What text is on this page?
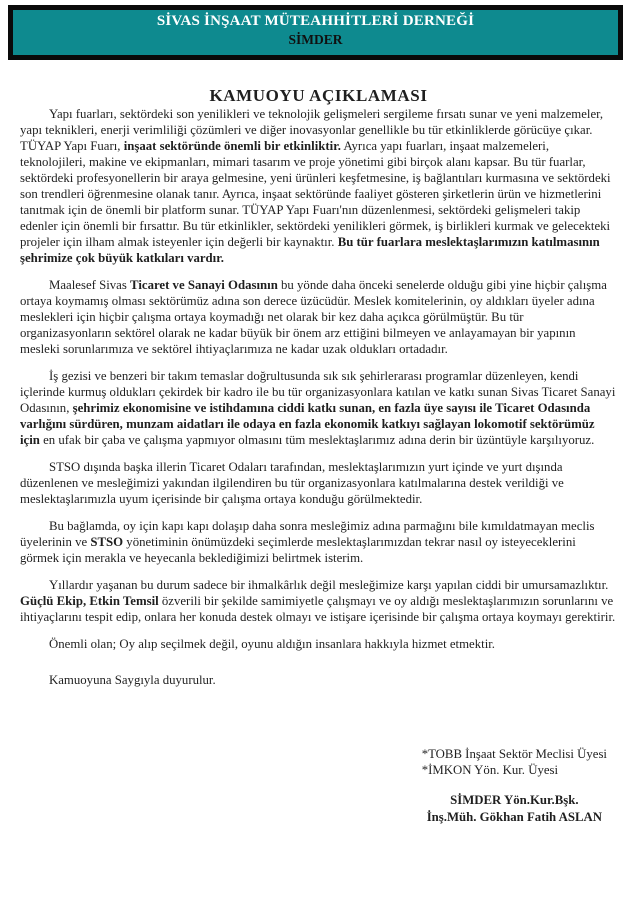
SİVAS İNŞAAT MÜTEAHHİTLERİ DERNEĞİ
SİMDER
KAMUOYU AÇIKLAMASI

Yapı fuarları, sektördeki son yenilikleri ve teknolojik gelişmeleri sergileme fırsatı sunar ve yeni malzemeler, yapı teknikleri, enerji verimliliği çözümleri ve diğer inovasyonlar genellikle bu tür etkinliklerde görücüye çıkar. TÜYAP Yapı Fuarı, inşaat sektöründe önemli bir etkinliktir. Ayrıca yapı fuarları, inşaat malzemeleri, teknolojileri, makine ve ekipmanları, mimari tasarım ve proje yönetimi gibi birçok alanı kapsar. Bu tür fuarlar, sektördeki profesyonellerin bir araya gelmesine, yeni ürünleri keşfetmesine, iş bağlantıları kurmasına ve sektördeki son trendleri öğrenmesine olanak tanır. Ayrıca, inşaat sektöründe faaliyet gösteren şirketlerin ürün ve hizmetlerini tanıtmak için de önemli bir platform sunar. TÜYAP Yapı Fuarı'nın düzenlenmesi, sektördeki gelişmeleri takip edenler için önemli bir fırsattır. Bu tür etkinlikler, sektördeki yenilikleri görmek, iş birlikleri kurmak ve gelecekteki projeler için ilham almak isteyenler için değerli bir kaynaktır. Bu tür fuarlara meslektaşlarımızın katılmasının şehrimize çok büyük katkıları vardır.

Maalesef Sivas Ticaret ve Sanayi Odasının bu yönde daha önceki senelerde olduğu gibi yine hiçbir çalışma ortaya koymamış olması sektörümüz adına son derece üzücüdür. Meslek komitelerinin, oy aldıkları üyeler adına meslekleri için hiçbir çalışma ortaya koymadığı net olarak bir kez daha açıkca görülmüştür. Bu tür organizasyonların sektörel olarak ne kadar büyük bir önem arz ettiğini bilmeyen ve anlayamayan bir yapının mesleki sorunlarımıza ve sektörel ihtiyaçlarımıza ne kadar uzak oldukları ortadadır.

İş gezisi ve benzeri bir takım temaslar doğrultusunda sık sık şehirlerarası programlar düzenleyen, kendi içlerinde kurmuş oldukları çekirdek bir kadro ile bu tür organizasyonlara katılan ve katkı sunan Sivas Ticaret Sanayi Odasının, şehrimiz ekonomisine ve istihdamına ciddi katkı sunan, en fazla üye sayısı ile Ticaret Odasında varlığını sürdüren, munzam aidatları ile odaya en fazla ekonomik katkıyı sağlayan lokomotif sektörümüz için en ufak bir çaba ve çalışma yapmıyor olmasını tüm meslektaşlarımız adına derin bir üzüntüyle karşılıyoruz.

STSO dışında başka illerin Ticaret Odaları tarafından, meslektaşlarımızın yurt içinde ve yurt dışında düzenlenen ve mesleğimizi yakından ilgilendiren bu tür organizasyonlara katılmalarına destek verildiği ve meslektaşlarımızla uyum içerisinde bir çalışma ortaya konduğu görülmektedir.

Bu bağlamda, oy için kapı kapı dolaşıp daha sonra mesleğimiz adına parmağını bile kımıldatmayan meclis üyelerinin ve STSO yönetiminin önümüzdeki seçimlerde meslektaşlarımızdan tekrar nasıl oy isteyeceklerini görmek için merakla ve heyecanla beklediğimizi belirtmek isterim.

Yıllardır yaşanan bu durum sadece bir ihmalkârlık değil mesleğimize karşı yapılan ciddi bir umursamazlıktır. Güçlü Ekip, Etkin Temsil özverili bir şekilde samimiyetle çalışmayı ve oy aldığı meslektaşlarımızın sorunlarını ve ihtiyaçlarını tespit edip, onlara her konuda destek olmayı ve istişare içerisinde bir çalışma ortaya koymayı gerektirir.

Önemli olan; Oy alıp seçilmek değil, oyunu aldığın insanlara hakkıyla hizmet etmektir.

Kamuoyuna Saygıyla duyurulur.

*TOBB İnşaat Sektör Meclisi Üyesi
*İMKON Yön. Kur. Üyesi
SİMDER Yön.Kur.Bşk.
İnş.Müh. Gökhan Fatih ASLAN
